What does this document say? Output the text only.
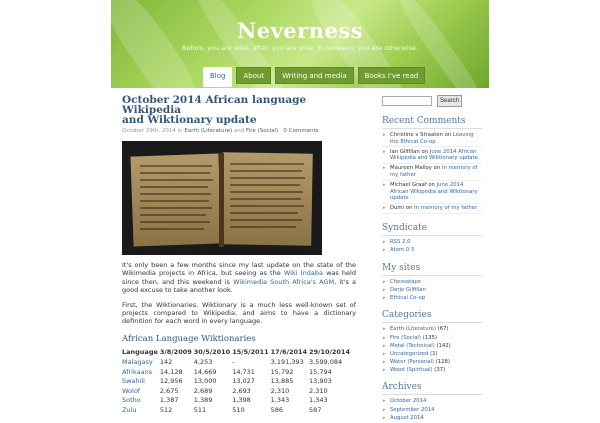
Neverness
Before, you are wise. after, you are wise. In between, you are otherwise.
Blog	About	Writing and media	Books I've read
October 2014 African language Wikipedia
and Wiktionary update
October 29th, 2014 in Earth (Literature) and Fire (Social) · 0 Comments
It's only been a few months since my last update on the state of the Wikimedia projects in Africa, but seeing as the Wiki Indaba was held since then, and this weekend is Wikimedia South Africa's AGM, it's a good excuse to take another look.
First, the Wiktionaries. Wiktionary is a much less well-known set of projects compared to Wikipedia, and aims to have a dictionary definition for each word in every language.
African Language Wiktionaries
Language	3/8/2009	30/5/2010	15/5/2011	17/6/2014	29/10/2014
Malagasy	142	4,253	-	3,191,393	3,599,084
Afrikaans	14,128	14,669	14,731	15,792	15,794
Swahili	12,956	13,000	13,027	13,885	13,903
Wolof	2,675	2,689	2,693	2,310	2,310
Sotho	1,387	1,389	1,398	1,343	1,343
Zulu	512	511	510	586	587
Search
Recent Comments
▸ Christine v Straaten on Leaving the Ethical Co-op
▸ Ian Gilfillan on June 2014 African Wikipedia and Wiktionary update
▸ Maureen Malloy on In memory of my father
▸ Michael Graaf on June 2014 African Wikipedia and Wiktionary update
▸ Dumi on In memory of my father
Syndicate
▸ RSS 2.0
▸ Atom 0.3
My sites
▸ Chessatape
▸ Dorje Gilfillan
▸ Ethical Co-op
Categories
▸ Earth (Literature) (67)
▸ Fire (Social) (135)
▸ Metal (Technical) (142)
▸ Uncategorized (1)
▸ Water (Personal) (128)
▸ Wood (Spiritual) (37)
Archives
▸ October 2014
▸ September 2014
▸ August 2014
